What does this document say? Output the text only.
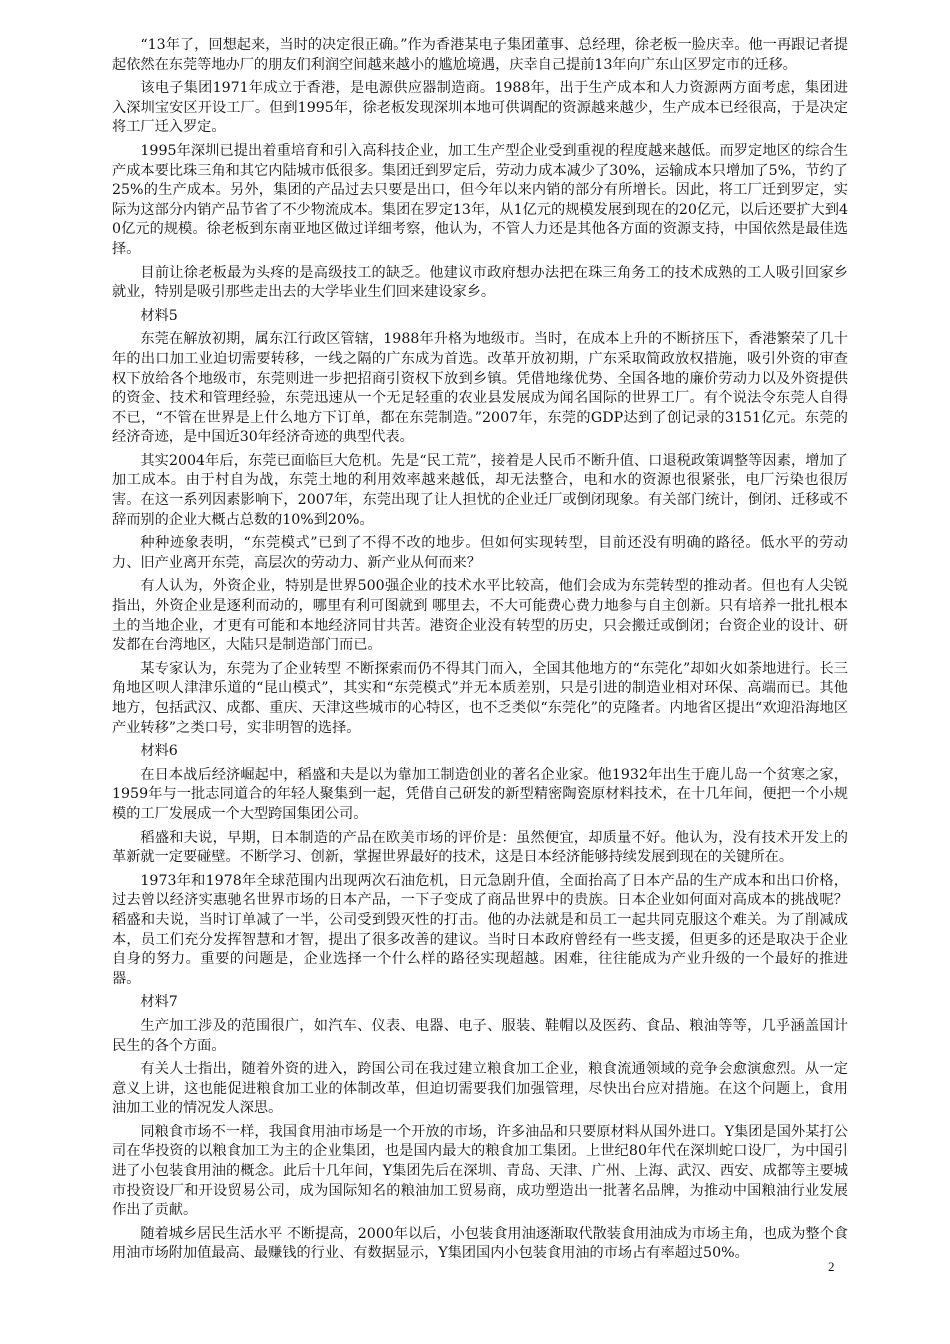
“13年了，回想起来，当时的决定很正确。”作为香港某电子集团董事、总经理，徐老板一脸庆幸。他一再跟记者提起依然在东莞等地办厂的朋友们利润空间越来越小的尴尬境遇，庆幸自己提前13年向广东山区罗定市的迁移。

该电子集团1971年成立于香港，是电源供应器制造商。1988年，出于生产成本和人力资源两方面考虑，集团进入深圳宝安区开设工厂。但到1995年，徐老板发现深圳本地可供调配的资源越来越少，生产成本已经很高，于是决定将工厂迁入罗定。

1995年深圳已提出着重培育和引入高科技企业，加工生产型企业受到重视的程度越来越低。而罗定地区的综合生产成本要比珠三角和其它内陆城市低很多。集团迁到罗定后，劳动力成本减少了30%，运输成本只增加了5%，节约了25%的生产成本。另外，集团的产品过去只要是出口，但今年以来内销的部分有所增长。因此，将工厂迁到罗定，实际为这部分内销产品节省了不少物流成本。集团在罗定13年，从1亿元的规模发展到现在的20亿元，以后还要扩大到40亿元的规模。徐老板到东南亚地区做过详细考察，他认为，不管人力还是其他各方面的资源支持，中国依然是最佳选择。

目前让徐老板最为头疼的是高级技工的缺乏。他建议市政府想办法把在珠三角务工的技术成熟的工人吸引回家乡就业，特别是吸引那些走出去的大学毕业生们回来建设家乡。

材料5

东莞在解放初期，属东江行政区管辖，1988年升格为地级市。当时，在成本上升的不断挤压下，香港繁荣了几十年的出口加工业迫切需要转移，一线之隔的广东成为首选。改革开放初期，广东采取简政放权措施，吸引外资的审查权下放给各个地级市，东莞则进一步把招商引资权下放到乡镇。凭借地缘优势、全国各地的廉价劳动力以及外资提供的资金、技术和管理经验，东莞迅速从一个无足轻重的农业县发展成为闻名国际的世界工厂。有个说法令东莞人自得不已，“不管在世界是上什么地方下订单，都在东莞制造。”2007年，东莞的GDP达到了创记录的3151亿元。东莞的经济奇迹，是中国近30年经济奇迹的典型代表。

其实2004年后，东莞已面临巨大危机。先是“民工荒”，接着是人民币不断升值、口退税政策调整等因素，增加了加工成本。由于村自为战，东莞土地的利用效率越来越低，却无法整合，电和水的资源也很紧张，电厂污染也很厉害。在这一系列因素影响下，2007年，东莞出现了让人担忧的企业迁厂或倒闭现象。有关部门统计，倒闭、迁移或不辞而别的企业大概占总数的10%到20%。

种种迹象表明，“东莞模式”已到了不得不改的地步。但如何实现转型，目前还没有明确的路径。低水平的劳动力、旧产业离开东莞，高层次的劳动力、新产业从何而来？

有人认为，外资企业，特别是世界500强企业的技术水平比较高，他们会成为东莞转型的推动者。但也有人尖锐指出，外资企业是逐利而动的，哪里有利可图就到 哪里去，不大可能费心费力地参与自主创新。只有培养一批扎根本土的当地企业，才更有可能和本地经济同甘共苦。港资企业没有转型的历史，只会搬迁或倒闭；台资企业的设计、研发都在台湾地区，大陆只是制造部门而已。

某专家认为，东莞为了企业转型 不断探索而仍不得其门而入，全国其他地方的“东莞化”却如火如荼地进行。长三角地区呗人津津乐道的“昆山模式”，其实和“东莞模式”并无本质差别，只是引进的制造业相对环保、高端而已。其他地方，包括武汉、成都、重庆、天津这些城市的心特区，也不乏类似“东莞化”的克隆者。内地省区提出“欢迎沿海地区产业转移”之类口号，实非明智的选择。

材料6

在日本战后经济崛起中，稻盛和夫是以为靠加工制造创业的著名企业家。他1932年出生于鹿儿岛一个贫寒之家，1959年与一批志同道合的年轻人聚集到一起，凭借自己研发的新型精密陶瓷原材料技术，在十几年间，便把一个小规模的工厂发展成一个大型跨国集团公司。

稻盛和夫说，早期，日本制造的产品在欧美市场的评价是：虽然便宜，却质量不好。他认为，没有技术开发上的革新就一定要碰壁。不断学习、创新，掌握世界最好的技术，这是日本经济能够持续发展到现在的关键所在。

1973年和1978年全球范围内出现两次石油危机，日元急剧升值，全面抬高了日本产品的生产成本和出口价格，过去曾以经济实惠驰名世界市场的日本产品，一下子变成了商品世界中的贵族。日本企业如何面对高成本的挑战呢？稻盛和夫说，当时订单减了一半，公司受到毁灭性的打击。他的办法就是和员工一起共同克服这个难关。为了削减成本，员工们充分发挥智慧和才智，提出了很多改善的建议。当时日本政府曾经有一些支援，但更多的还是取决于企业自身的努力。重要的问题是，企业选择一个什么样的路径实现超越。困难，往往能成为产业升级的一个最好的推进器。

材料7

生产加工涉及的范围很广，如汽车、仪表、电器、电子、服装、鞋帽以及医药、食品、粮油等等，几乎涵盖国计民生的各个方面。

有关人士指出，随着外资的进入，跨国公司在我过建立粮食加工企业，粮食流通领域的竞争会愈演愈烈。从一定意义上讲，这也能促进粮食加工业的体制改革，但迫切需要我们加强管理，尽快出台应对措施。在这个问题上，食用油加工业的情况发人深思。

同粮食市场不一样，我国食用油市场是一个开放的市场，许多油品和只要原材料从国外进口。Y集团是国外某打公司在华投资的以粮食加工为主的企业集团，也是国内最大的粮食加工集团。上世纪80年代在深圳蛇口设厂，为中国引进了小包装食用油的概念。此后十几年间，Y集团先后在深圳、青岛、天津、广州、上海、武汉、西安、成都等主要城市投资设厂和开设贸易公司，成为国际知名的粮油加工贸易商，成功塑造出一批著名品牌，为推动中国粮油行业发展作出了贡献。

随着城乡居民生活水平 不断提高，2000年以后，小包装食用油逐渐取代散装食用油成为市场主角，也成为整个食用油市场附加值最高、最赚钱的行业、有数据显示，Y集团国内小包装食用油的市场占有率超过50%。

2
